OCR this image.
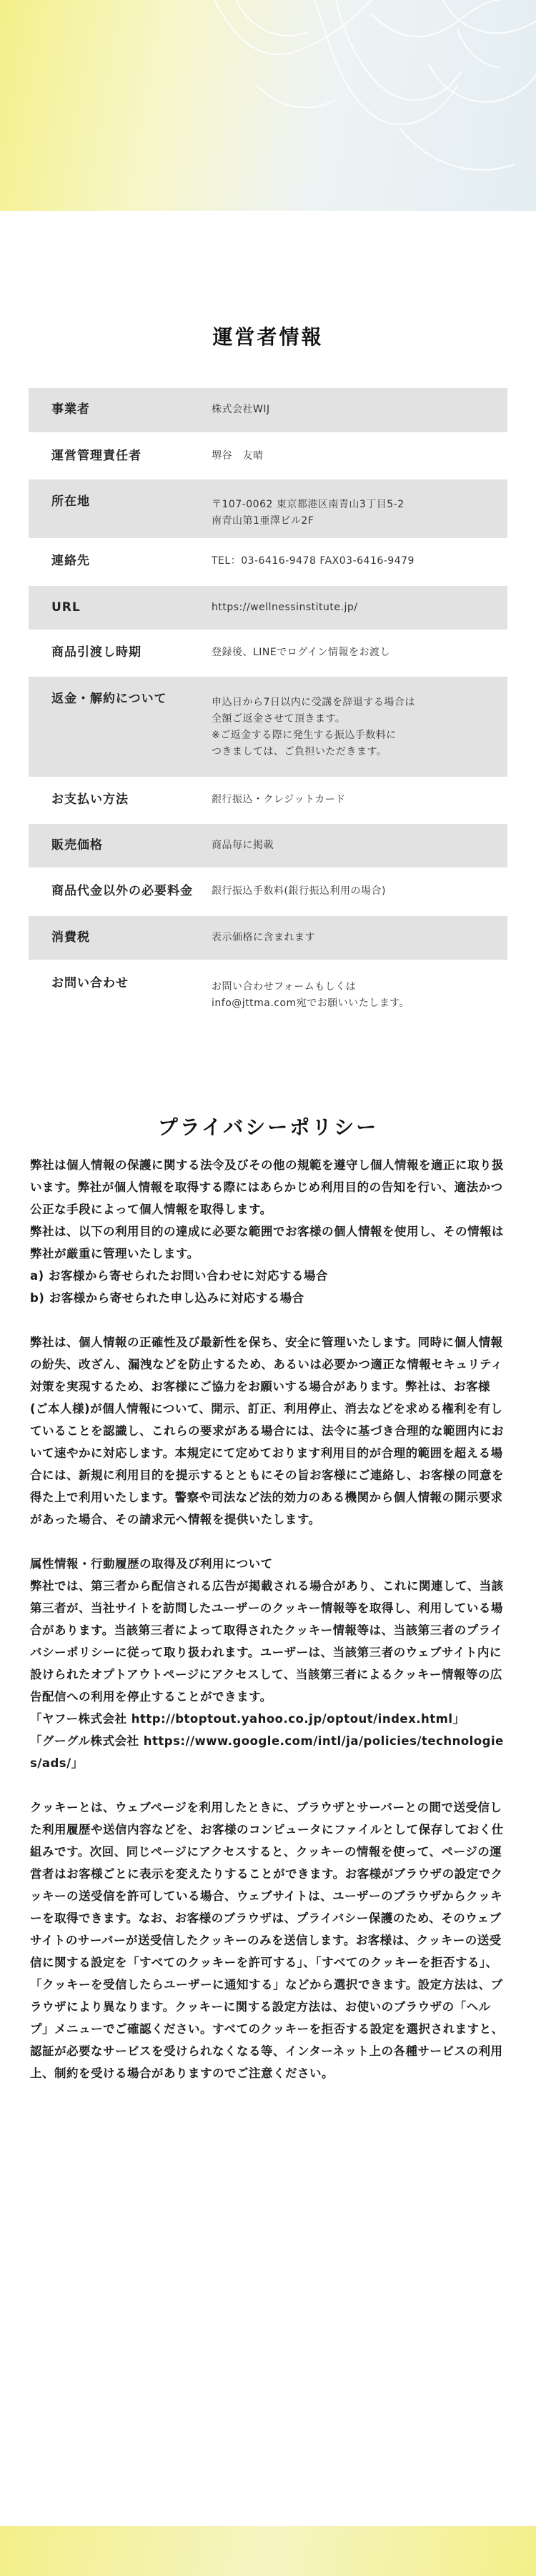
運営者情報
事業者	株式会社WIJ
運営管理責任者	堺谷　友晴
所在地	〒107-0062 東京都港区南青山3丁目5-2
南青山第1亜澤ビル2F
連絡先	TEL：03-6416-9478 FAX03-6416-9479
URL	https://wellnessinstitute.jp/
商品引渡し時期	登録後、LINEでログイン情報をお渡し
返金・解約について	申込日から7日以内に受講を辞退する場合は
全額ご返金させて頂きます。
※ご返金する際に発生する振込手数料に
つきましては、ご負担いただきます。
お支払い方法	銀行振込・クレジットカード
販売価格	商品毎に掲載
商品代金以外の必要料金	銀行振込手数料(銀行振込利用の場合)
消費税	表示価格に含まれます
お問い合わせ	お問い合わせフォームもしくは
info@jttma.com宛でお願いいたします。
プライバシーポリシー

弊社は個人情報の保護に関する法令及びその他の規範を遵守し個人情報を適正に取り扱います。弊社が個人情報を取得する際にはあらかじめ利用目的の告知を行い、適法かつ公正な手段によって個人情報を取得します。

弊社は、以下の利用目的の達成に必要な範囲でお客様の個人情報を使用し、その情報は弊社が厳重に管理いたします。

a) お客様から寄せられたお問い合わせに対応する場合

b) お客様から寄せられた申し込みに対応する場合

弊社は、個人情報の正確性及び最新性を保ち、安全に管理いたします。同時に個人情報の紛失、改ざん、漏洩などを防止するため、あるいは必要かつ適正な情報セキュリティ対策を実現するため、お客様にご協力をお願いする場合があります。弊社は、お客様(ご本人様)が個人情報について、開示、訂正、利用停止、消去などを求める権利を有していることを認識し、これらの要求がある場合には、法令に基づき合理的な範囲内において速やかに対応します。本規定にて定めております利用目的が合理的範囲を超える場合には、新規に利用目的を提示するとともにその旨お客様にご連絡し、お客様の同意を得た上で利用いたします。警察や司法など法的効力のある機関から個人情報の開示要求があった場合、その請求元へ情報を提供いたします。

属性情報・行動履歴の取得及び利用について

弊社では、第三者から配信される広告が掲載される場合があり、これに関連して、当該第三者が、当社サイトを訪問したユーザーのクッキー情報等を取得し、利用している場合があります。当該第三者によって取得されたクッキー情報等は、当該第三者のプライバシーポリシーに従って取り扱われます。ユーザーは、当該第三者のウェブサイト内に設けられたオプトアウトページにアクセスして、当該第三者によるクッキー情報等の広告配信への利用を停止することができます。

「ヤフー株式会社 http://btoptout.yahoo.co.jp/optout/index.html」

「グーグル株式会社 https://www.google.com/intl/ja/policies/technologies/ads/」

クッキーとは、ウェブページを利用したときに、ブラウザとサーバーとの間で送受信した利用履歴や送信内容などを、お客様のコンピュータにファイルとして保存しておく仕組みです。次回、同じページにアクセスすると、クッキーの情報を使って、ページの運営者はお客様ごとに表示を変えたりすることができます。お客様がブラウザの設定でクッキーの送受信を許可している場合、ウェブサイトは、ユーザーのブラウザからクッキーを取得できます。なお、お客様のブラウザは、プライバシー保護のため、そのウェブサイトのサーバーが送受信したクッキーのみを送信します。お客様は、クッキーの送受信に関する設定を「すべてのクッキーを許可する」、「すべてのクッキーを拒否する」、「クッキーを受信したらユーザーに通知する」などから選択できます。設定方法は、ブラウザにより異なります。クッキーに関する設定方法は、お使いのブラウザの「ヘルプ」メニューでご確認ください。すべてのクッキーを拒否する設定を選択されますと、認証が必要なサービスを受けられなくなる等、インターネット上の各種サービスの利用上、制約を受ける場合がありますのでご注意ください。
